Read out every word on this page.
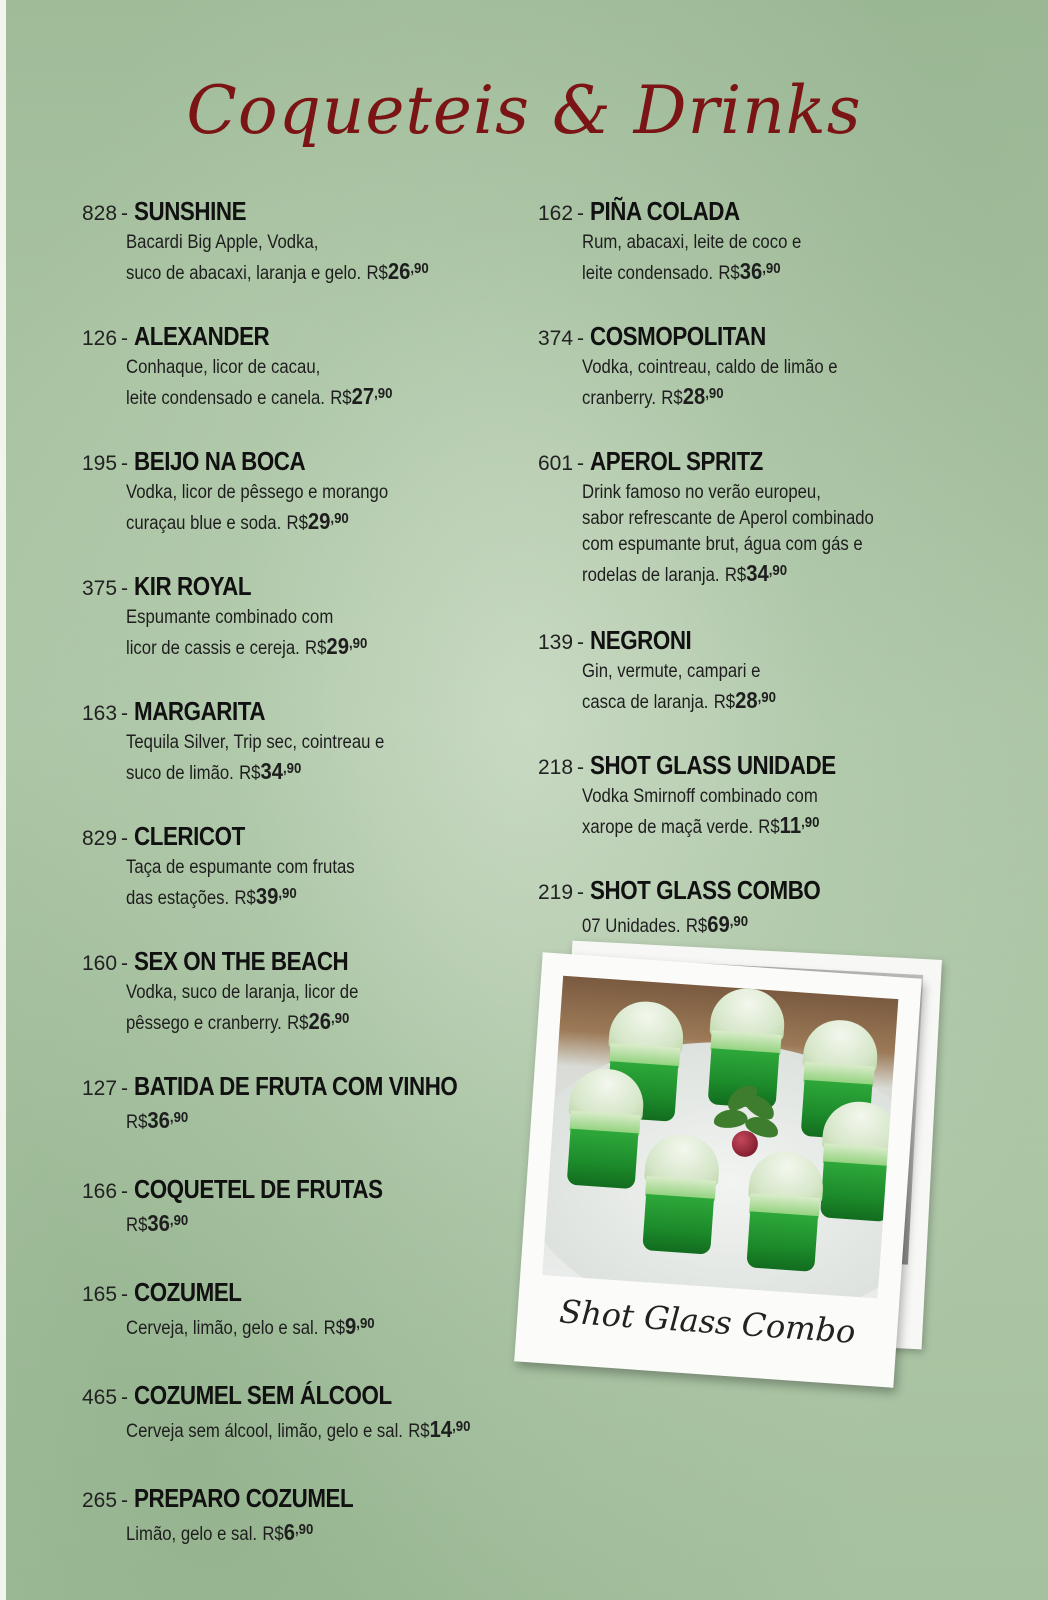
Coqueteis & Drinks
828 - SUNSHINE
Bacardi Big Apple, Vodka,
suco de abacaxi, laranja e gelo. $R\$26^{,90}$
126 - ALEXANDER
Conhaque, licor de cacau,
leite condensado e canela. $R\$27^{,90}$
195 - BEIJO NA BOCA
Vodka, licor de pêssego e morango
curaçau blue e soda. $R\$29^{,90}$
375 - KIR ROYAL
Espumante combinado com
licor de cassis e cereja. $R\$29^{,90}$
163 - MARGARITA
Tequila Silver, Trip sec, cointreau e
suco de limão. $R\$34^{,90}$
829 - CLERICOT
Taça de espumante com frutas
das estações. $R\$39^{,90}$
160 - SEX ON THE BEACH
Vodka, suco de laranja, licor de
pêssego e cranberry. $R\$26^{,90}$
127 - BATIDA DE FRUTA COM VINHO
$R\$36^{,90}$
166 - COQUETEL DE FRUTAS
$R\$36^{,90}$
165 - COZUMEL
Cerveja, limão, gelo e sal. $R\$9^{,90}$
465 - COZUMEL SEM ÁLCOOL
Cerveja sem álcool, limão, gelo e sal. $R\$14^{,90}$
265 - PREPARO COZUMEL
Limão, gelo e sal. $R\$6^{,90}$
162 - PIÑA COLADA
Rum, abacaxi, leite de coco e
leite condensado. $R\$36^{,90}$
374 - COSMOPOLITAN
Vodka, cointreau, caldo de limão e
cranberry. $R\$28^{,90}$
601 - APEROL SPRITZ
Drink famoso no verão europeu,
sabor refrescante de Aperol combinado
com espumante brut, água com gás e
rodelas de laranja. $R\$34^{,90}$
139 - NEGRONI
Gin, vermute, campari e
casca de laranja. $R\$28^{,90}$
218 - SHOT GLASS UNIDADE
Vodka Smirnoff combinado com
xarope de maçã verde. $R\$11^{,90}$
219 - SHOT GLASS COMBO
07 Unidades. $R\$69^{,90}$
Shot Glass Combo
